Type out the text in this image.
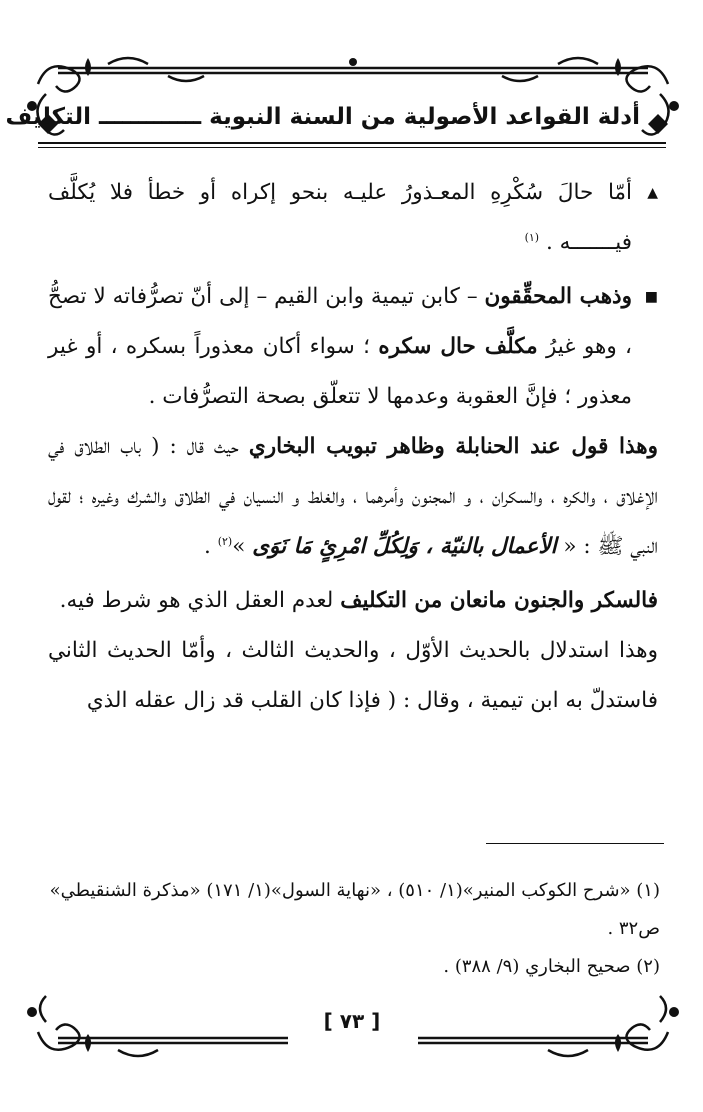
أدلة القواعد الأصولية من السنة النبوية ـــــــــــــ التكليف

▲
أمّا حالَ سُكْرِهِ المعـذورُ عليـه بنحو إكراه أو خطأ فلا يُكلَّف فيـــــــه . $^{(١)}$

■
وذهب المحقِّقون – كابن تيمية وابن القيم – إلى أنّ تصرُّفاته لا تصحُّ ، وهو غيرُ مكلَّف حال سكره ؛ سواء أكان معذوراً بسكره ، أو غير معذور ؛ فإنَّ العقوبة وعدمها لا تتعلّق بصحة التصرُّفات .

وهذا قول عند الحنابلة وظاهر تبويب البخاري حيث قال : ( باب الطلاق في الإغلاق ، والكره ، والسكران ، و المجنون وأمرهما ، والغلط و النسيان في الطلاق والشرك وغيره ؛ لقول النبي ﷺ : « الأعمال بالنيّة ، وَلِكُلِّ امْرِئٍ مَا نَوَى »$^{(٢)}$ .

فالسكر والجنون مانعان من التكليف لعدم العقل الذي هو شرط فيه.

وهذا استدلال بالحديث الأوّل ، والحديث الثالث ، وأمّا الحديث الثاني فاستدلّ به ابن تيمية ، وقال : ( فإذا كان القلب قد زال عقله الذي

(١) «شرح الكوكب المنير»(١/ ٥١٠) ، «نهاية السول»(١/ ١٧١) «مذكرة الشنقيطي» ص٣٢ .

(٢) صحيح البخاري (٩/ ٣٨٨) .

[ ٧٣ ]
